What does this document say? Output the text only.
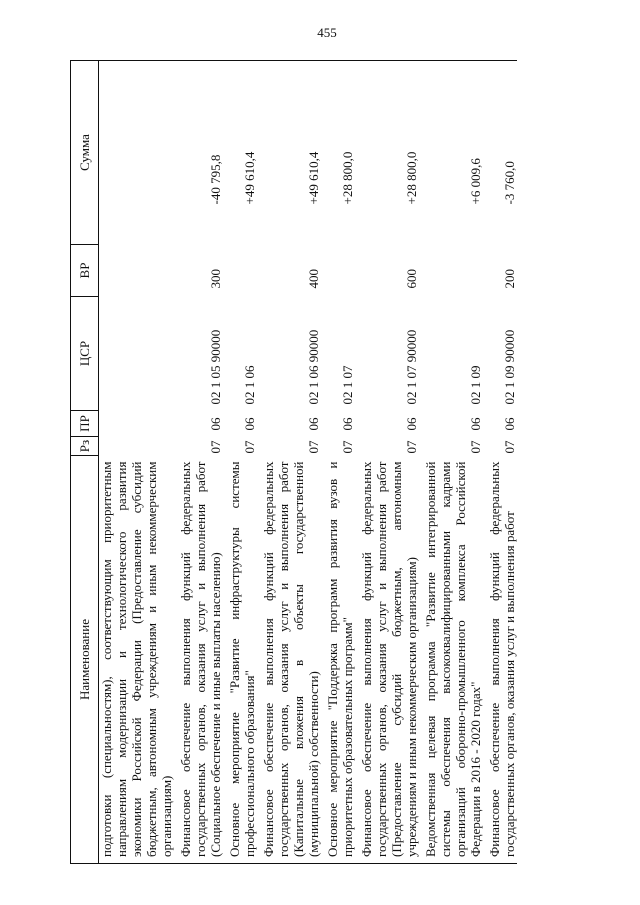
455
Наименование	Рз	ПР	ЦСР	ВР	Сумма

подготовки (специальностям), соответствующим приоритетным направлениям модернизации и технологического развития экономики Российской Федерации (Предоставление субсидий бюджетным, автономным учреждениям и иным некоммерческим организациям)					

Финансовое обеспечение выполнения функций федеральных государственных органов, оказания услуг и выполнения работ (Социальное обеспечение и иные выплаты населению)	07	06	02 1 05 90000	300	-40 795,8

Основное мероприятие "Развитие инфраструктуры системы профессионального образования"	07	06	02 1 06		+49 610,4

Финансовое обеспечение выполнения функций федеральных государственных органов, оказания услуг и выполнения работ (Капитальные вложения в объекты государственной (муниципальной) собственности)	07	06	02 1 06 90000	400	+49 610,4

Основное мероприятие "Поддержка программ развития вузов и приоритетных образовательных программ"	07	06	02 1 07		+28 800,0

Финансовое обеспечение выполнения функций федеральных государственных органов, оказания услуг и выполнения работ (Предоставление субсидий бюджетным, автономным учреждениям и иным некоммерческим организациям)	07	06	02 1 07 90000	600	+28 800,0

Ведомственная целевая программа "Развитие интегрированной системы обеспечения высококвалифицированными кадрами организаций оборонно-промышленного комплекса Российской Федерации в 2016 - 2020 годах"	07	06	02 1 09		+6 009,6

Финансовое обеспечение выполнения функций федеральных государственных органов, оказания услуг и выполнения работ	07	06	02 1 09 90000	200	-3 760,0
